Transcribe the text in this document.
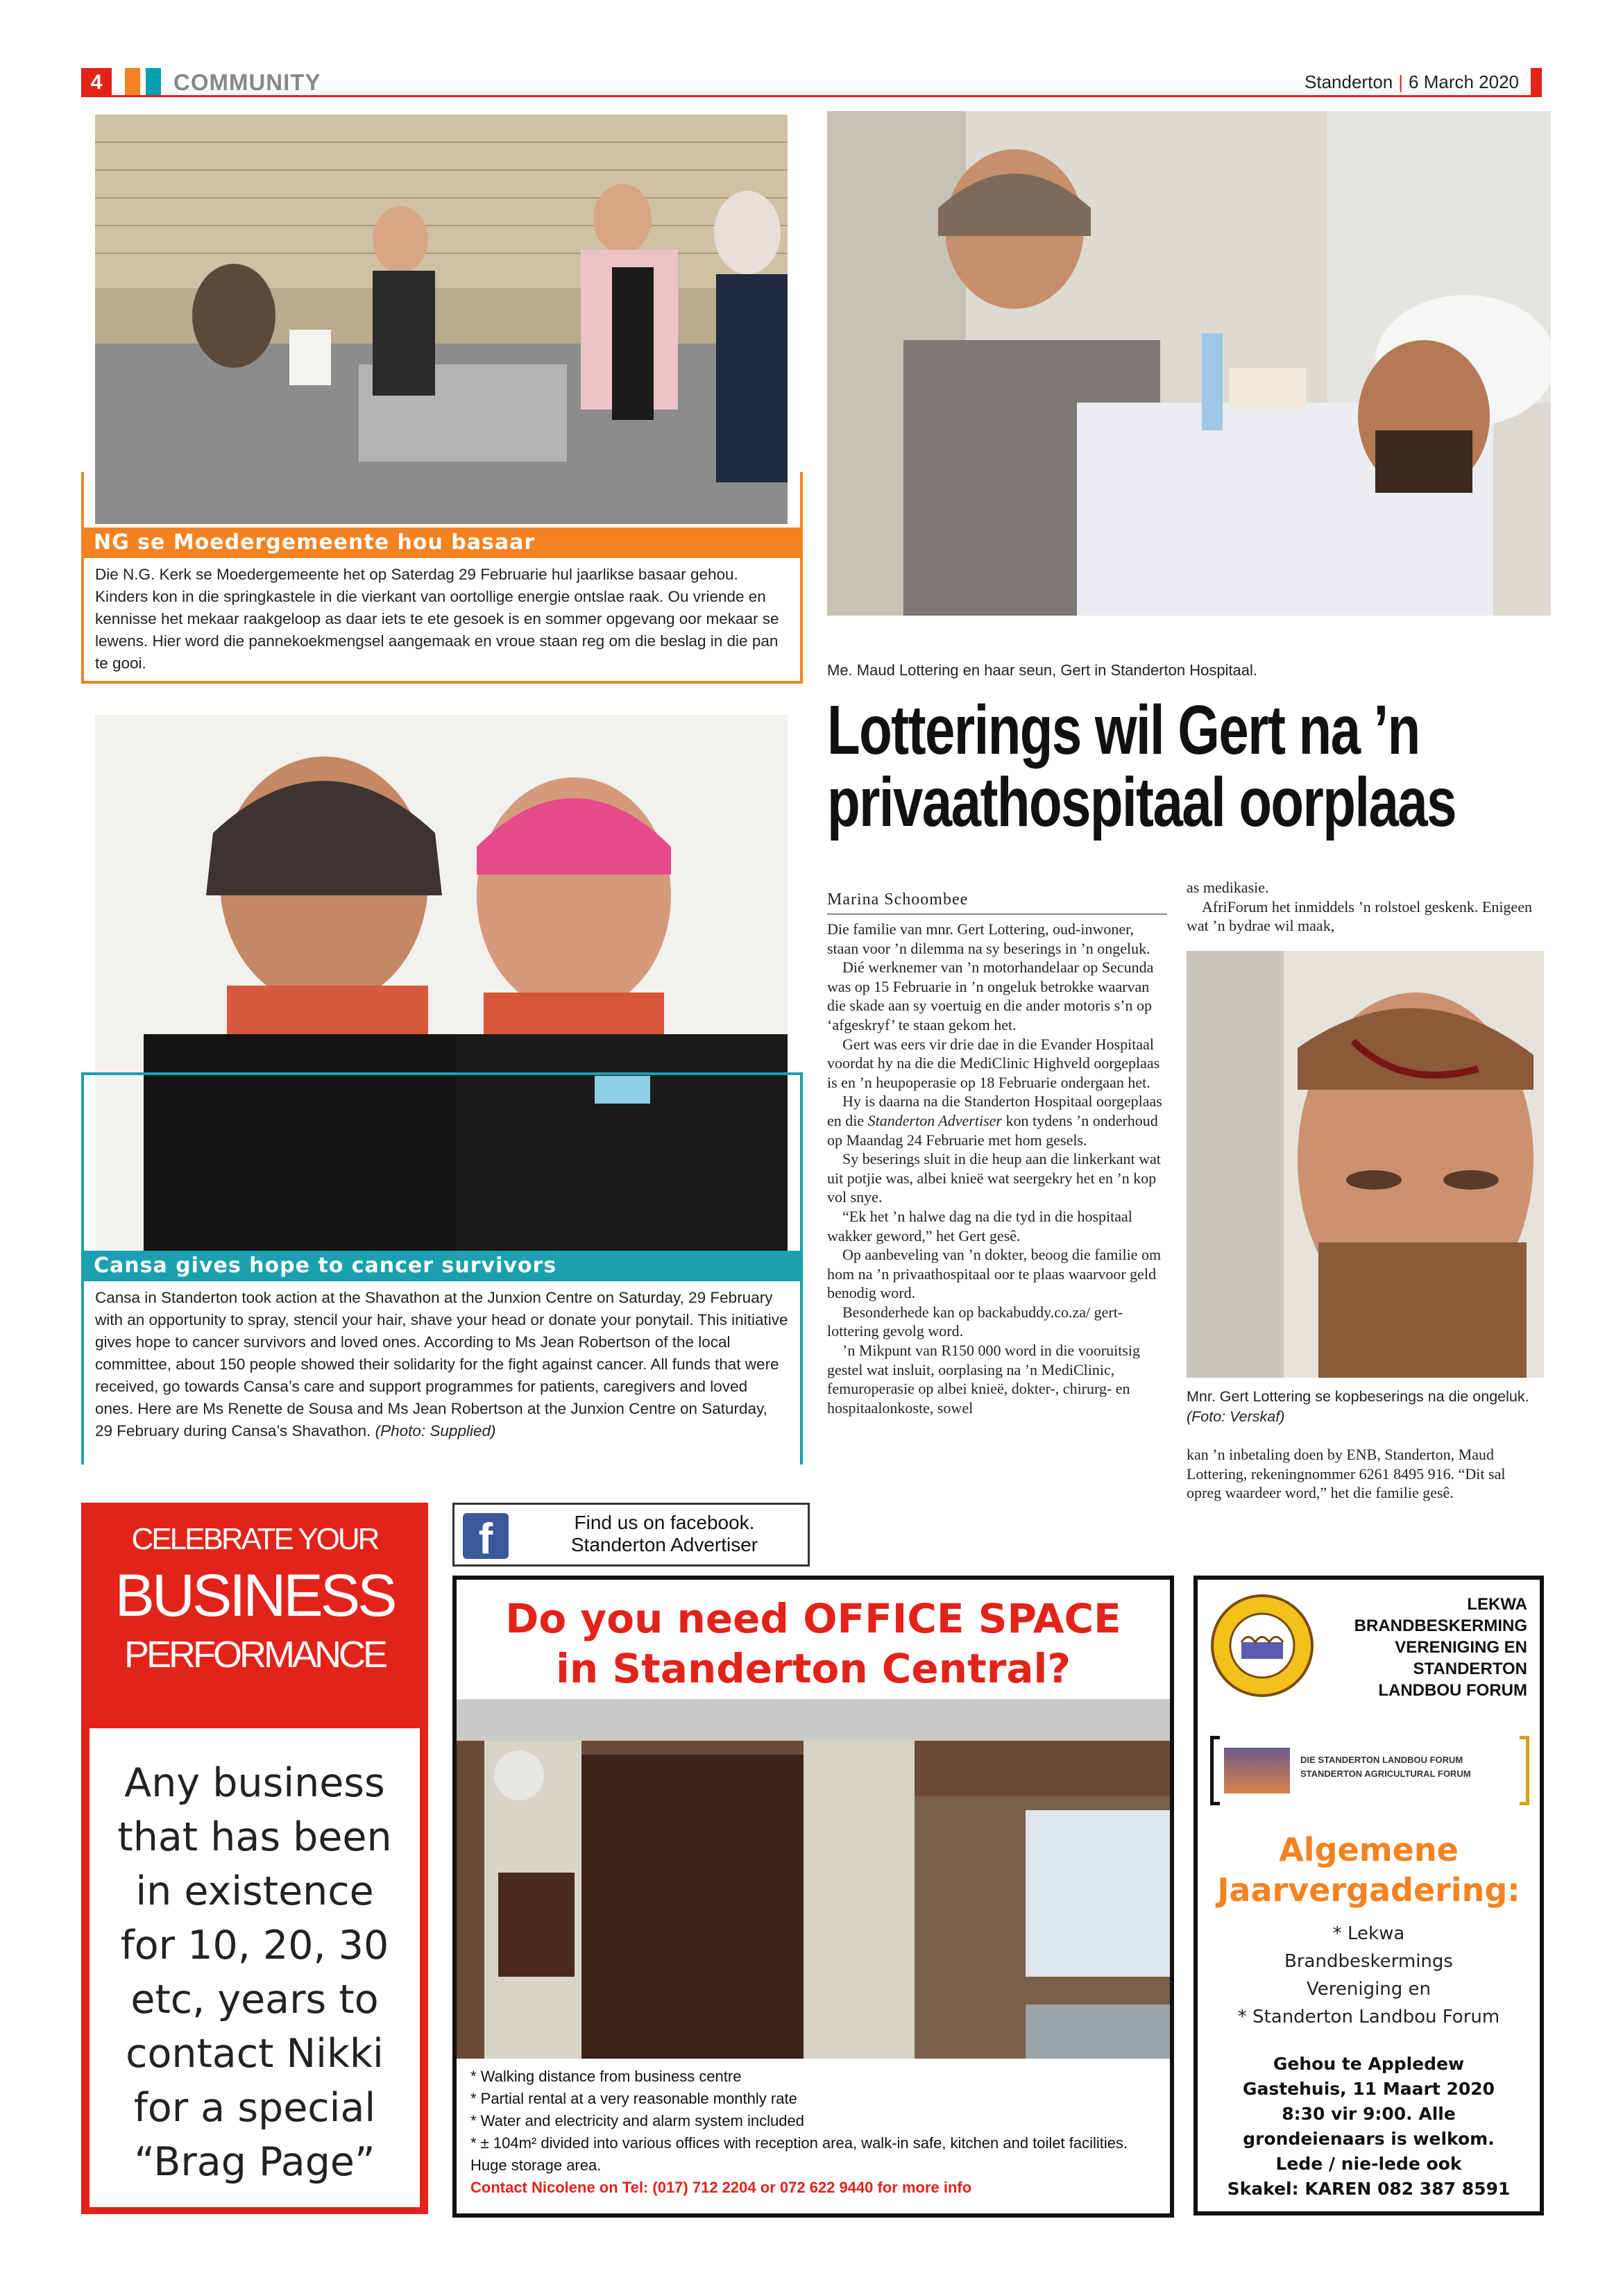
4	COMMUNITY	Standerton | 6 March 2020
NG se Moedergemeente hou basaar
Die N.G. Kerk se Moedergemeente het op Saterdag 29 Februarie hul jaarlikse basaar gehou. Kinders kon in die springkastele in die vierkant van oortollige energie ontslae raak. Ou vriende en kennisse het mekaar raakgeloop as daar iets te ete gesoek is en sommer opgevang oor mekaar se lewens. Hier word die pannekoekmengsel aangemaak en vroue staan reg om die beslag in die pan te gooi.	Me. Maud Lottering en haar seun, Gert in Standerton Hospitaal.
Cansa gives hope to cancer survivors
Cansa in Standerton took action at the Shavathon at the Junxion Centre on Saturday, 29 February with an opportunity to spray, stencil your hair, shave your head or donate your ponytail. This initiative gives hope to cancer survivors and loved ones. According to Ms Jean Robertson of the local committee, about 150 people showed their solidarity for the fight against cancer. All funds that were received, go towards Cansa’s care and support programmes for patients, caregivers and loved ones. Here are Ms Renette de Sousa and Ms Jean Robertson at the Junxion Centre on Saturday, 29 February during Cansa’s Shavathon. (Photo: Supplied)
Lotterings wil Gert na ’n
privaathospitaal oorplaas
Marina Schoombee

Die familie van mnr. Gert Lottering, oud-inwoner, staan voor ’n dilemma na sy beserings in ’n ongeluk.

Dié werknemer van ’n motorhandelaar op Secunda was op 15 Februarie in ’n ongeluk betrokke waarvan die skade aan sy voertuig en die ander motoris s’n op ‘afgeskryf’ te staan gekom het.

Gert was eers vir drie dae in die Evander Hospitaal voordat hy na die die MediClinic Highveld oorgeplaas is en ’n heupoperasie op 18 Februarie ondergaan het.

Hy is daarna na die Standerton Hospitaal oorgeplaas en die Standerton Advertiser kon tydens ’n onderhoud op Maandag 24 Februarie met hom gesels.

Sy beserings sluit in die heup aan die linkerkant wat uit potjie was, albei knieë wat seergekry het en ’n kop vol snye.

“Ek het ’n halwe dag na die tyd in die hospitaal wakker geword,” het Gert gesê.

Op aanbeveling van ’n dokter, beoog die familie om hom na ’n privaathospitaal oor te plaas waarvoor geld benodig word.

Besonderhede kan op backabuddy.co.za/ gert-lottering gevolg word.

’n Mikpunt van R150 000 word in die vooruitsig gestel wat insluit, oorplasing na ’n MediClinic, femuroperasie op albei knieë, dokter-, chirurg- en hospitaalonkoste, sowel

as medikasie.

AfriForum het inmiddels ’n rolstoel geskenk. Enigeen wat ’n bydrae wil maak,

Mnr. Gert Lottering se kopbeserings na die ongeluk. (Foto: Verskaf)

kan ’n inbetaling doen by ENB, Standerton, Maud Lottering, rekeningnommer 6261 8495 916. “Dit sal opreg waardeer word,” het die familie gesê.

CELEBRATE YOUR
BUSINESS
PERFORMANCE
Any business
that has been
in existence
for 10, 20, 30
etc, years to
contact Nikki
for a special
“Brag Page”
f	Find us on facebook.
Standerton Advertiser
Do you need OFFICE SPACE
in Standerton Central?
* Walking distance from business centre
* Partial rental at a very reasonable monthly rate
* Water and electricity and alarm system included
* ± 104m² divided into various offices with reception area, walk-in safe, kitchen and toilet facilities. Huge storage area.
Contact Nicolene on Tel: (017) 712 2204 or 072 622 9440 for more info
LEKWA
BRANDBESKERMING
VERENIGING EN
STANDERTON
LANDBOU FORUM
DIE STANDERTON LANDBOU FORUM
STANDERTON AGRICULTURAL FORUM
Algemene
Jaarvergadering:
* Lekwa
Brandbeskermings
Vereniging en
* Standerton Landbou Forum
Gehou te Appledew
Gastehuis, 11 Maart 2020
8:30 vir 9:00. Alle
grondeienaars is welkom.
Lede / nie-lede ook
Skakel: KAREN 082 387 8591
